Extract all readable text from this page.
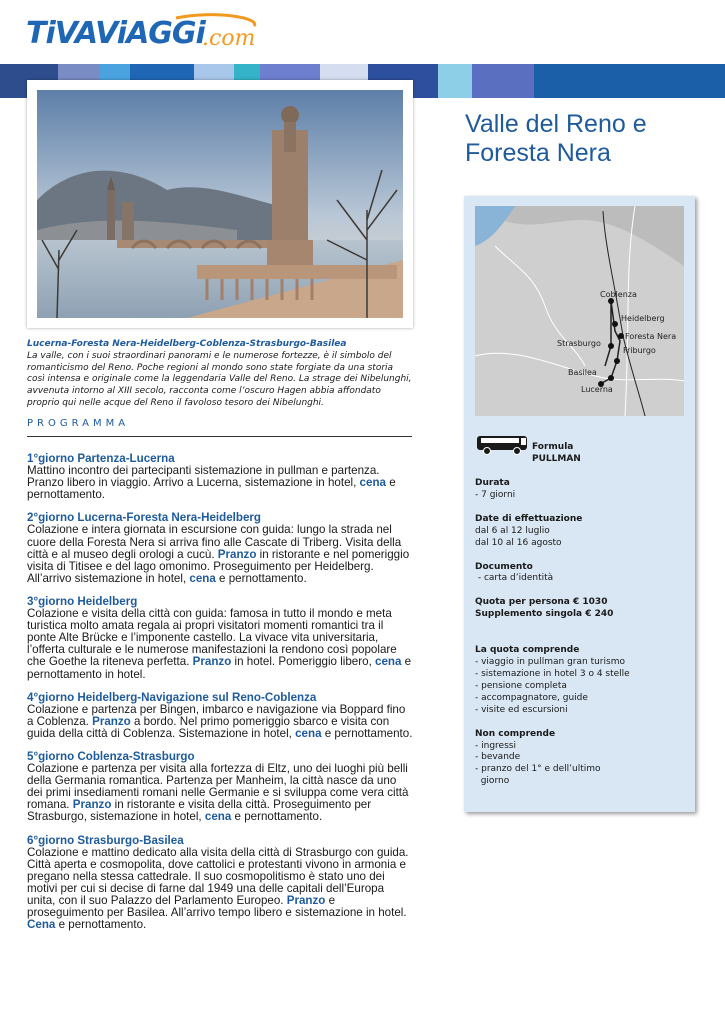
TiVAViAGGi
.com
Valle del Reno e
Foresta Nera
Coblenza
Heidelberg
Foresta Nera
Strasburgo
Friburgo
Basilea
Lucerna
Formula
PULLMAN
Durata
- 7 giorni
Date di effettuazione
dal 6 al 12 luglio
dal 10 al 16 agosto
Documento
- carta d’identità
Quota per persona € 1030
Supplemento singola € 240
La quota comprende
- viaggio in pullman gran turismo
- sistemazione in hotel 3 o 4 stelle
- pensione completa
- accompagnatore, guide
- visite ed escursioni
Non comprende
- ingressi
- bevande
- pranzo del 1° e dell’ultimo
giorno
Lucerna-Foresta Nera-Heidelberg-Coblenza-Strasburgo-Basilea
La valle, con i suoi straordinari panorami e le numerose fortezze, è il simbolo del romanticismo del Reno. Poche regioni al mondo sono state forgiate da una storia così intensa e originale come la leggendaria Valle del Reno. La strage dei Nibelunghi, avvenuta intorno al XIII secolo, racconta come l’oscuro Hagen abbia affondato proprio qui nelle acque del Reno il favoloso tesoro dei Nibelunghi.
PROGRAMMA
1°giorno Partenza-Lucerna
Mattino incontro dei partecipanti sistemazione in pullman e partenza. Pranzo libero in viaggio. Arrivo a Lucerna, sistemazione in hotel, cena e pernottamento.
2°giorno Lucerna-Foresta Nera-Heidelberg
Colazione e intera giornata in escursione con guida: lungo la strada nel cuore della Foresta Nera si arriva fino alle Cascate di Triberg. Visita della città e al museo degli orologi a cucù. Pranzo in ristorante e nel pomeriggio visita di Titisee e del lago omonimo. Proseguimento per Heidelberg. All’arrivo sistemazione in hotel, cena e pernottamento.
3°giorno Heidelberg
Colazione e visita della città con guida: famosa in tutto il mondo e meta turistica molto amata regala ai propri visitatori momenti romantici tra il ponte Alte Brücke e l’imponente castello. La vivace vita universitaria, l’offerta culturale e le numerose manifestazioni la rendono così popolare che Goethe la riteneva perfetta. Pranzo in hotel. Pomeriggio libero, cena e pernottamento in hotel.
4°giorno Heidelberg-Navigazione sul Reno-Coblenza
Colazione e partenza per Bingen, imbarco e navigazione via Boppard fino a Coblenza. Pranzo a bordo. Nel primo pomeriggio sbarco e visita con guida della città di Coblenza. Sistemazione in hotel, cena e pernottamento.
5°giorno Coblenza-Strasburgo
Colazione e partenza per visita alla fortezza di Eltz, uno dei luoghi più belli della Germania romantica. Partenza per Manheim, la città nasce da uno dei primi insediamenti romani nelle Germanie e si sviluppa come vera città romana. Pranzo in ristorante e visita della città. Proseguimento per Strasburgo, sistemazione in hotel, cena e pernottamento.
6°giorno Strasburgo-Basilea
Colazione e mattino dedicato alla visita della città di Strasburgo con guida. Città aperta e cosmopolita, dove cattolici e protestanti vivono in armonia e pregano nella stessa cattedrale. Il suo cosmopolitismo è stato uno dei motivi per cui si decise di farne dal 1949 una delle capitali dell’Europa unita, con il suo Palazzo del Parlamento Europeo. Pranzo e proseguimento per Basilea. All’arrivo tempo libero e sistemazione in hotel. Cena e pernottamento.
